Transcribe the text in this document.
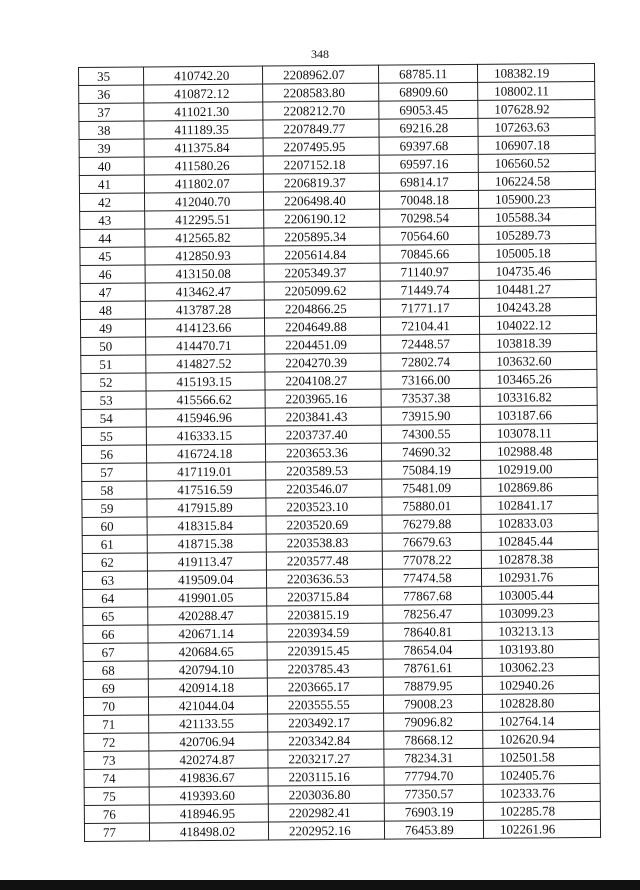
348
35	410742.20	2208962.07	68785.11	108382.19
36	410872.12	2208583.80	68909.60	108002.11
37	411021.30	2208212.70	69053.45	107628.92
38	411189.35	2207849.77	69216.28	107263.63
39	411375.84	2207495.95	69397.68	106907.18
40	411580.26	2207152.18	69597.16	106560.52
41	411802.07	2206819.37	69814.17	106224.58
42	412040.70	2206498.40	70048.18	105900.23
43	412295.51	2206190.12	70298.54	105588.34
44	412565.82	2205895.34	70564.60	105289.73
45	412850.93	2205614.84	70845.66	105005.18
46	413150.08	2205349.37	71140.97	104735.46
47	413462.47	2205099.62	71449.74	104481.27
48	413787.28	2204866.25	71771.17	104243.28
49	414123.66	2204649.88	72104.41	104022.12
50	414470.71	2204451.09	72448.57	103818.39
51	414827.52	2204270.39	72802.74	103632.60
52	415193.15	2204108.27	73166.00	103465.26
53	415566.62	2203965.16	73537.38	103316.82
54	415946.96	2203841.43	73915.90	103187.66
55	416333.15	2203737.40	74300.55	103078.11
56	416724.18	2203653.36	74690.32	102988.48
57	417119.01	2203589.53	75084.19	102919.00
58	417516.59	2203546.07	75481.09	102869.86
59	417915.89	2203523.10	75880.01	102841.17
60	418315.84	2203520.69	76279.88	102833.03
61	418715.38	2203538.83	76679.63	102845.44
62	419113.47	2203577.48	77078.22	102878.38
63	419509.04	2203636.53	77474.58	102931.76
64	419901.05	2203715.84	77867.68	103005.44
65	420288.47	2203815.19	78256.47	103099.23
66	420671.14	2203934.59	78640.81	103213.13
67	420684.65	2203915.45	78654.04	103193.80
68	420794.10	2203785.43	78761.61	103062.23
69	420914.18	2203665.17	78879.95	102940.26
70	421044.04	2203555.55	79008.23	102828.80
71	421133.55	2203492.17	79096.82	102764.14
72	420706.94	2203342.84	78668.12	102620.94
73	420274.87	2203217.27	78234.31	102501.58
74	419836.67	2203115.16	77794.70	102405.76
75	419393.60	2203036.80	77350.57	102333.76
76	418946.95	2202982.41	76903.19	102285.78
77	418498.02	2202952.16	76453.89	102261.96
